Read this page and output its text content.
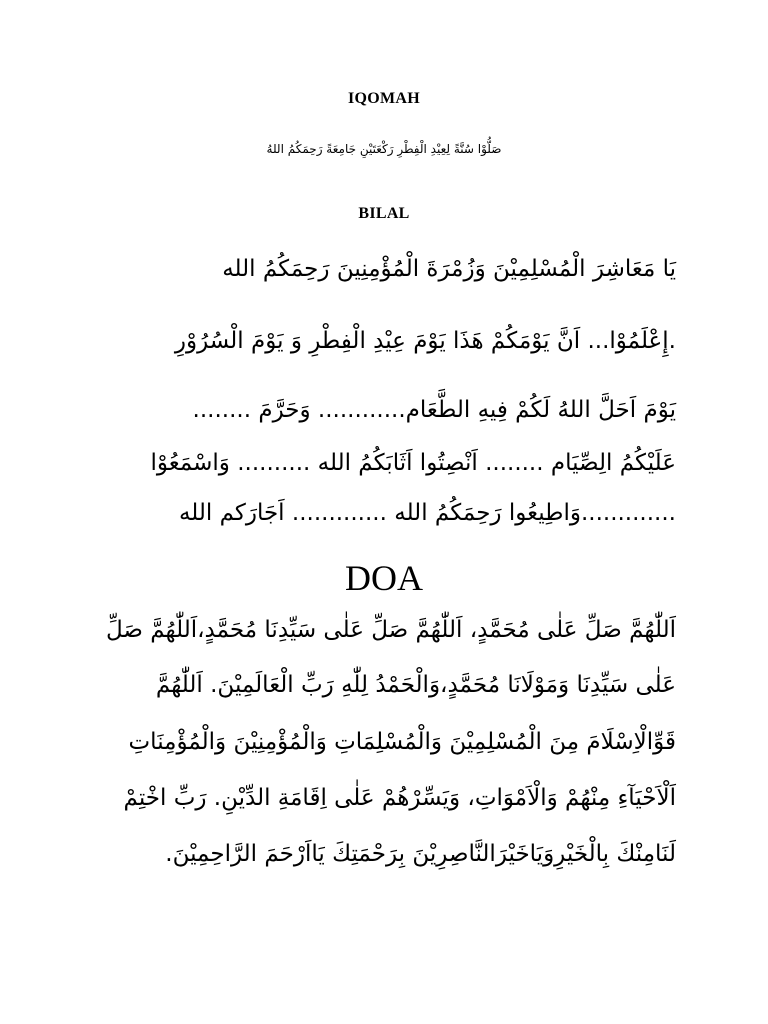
IQOMAH
صَلُّوْا سُنَّةً لِعِيْدِ الْفِطْرِ رَكْعَتَيْنِ جَامِعَةً رَحِمَكُمُ اللهُ
BILAL
يَا مَعَاشِرَ الْمُسْلِمِيْنَ وَزُمْرَةَ الْمُؤْمِنِينَ رَحِمَكُمُ الله
.إِعْلَمُوْا... اَنَّ يَوْمَكُمْ هَذَا يَوْمَ عِيْدِ الْفِطْرِ وَ يَوْمَ الْسُرُوْرِ
يَوْمَ اَحَلَّ اللهُ لَكُمْ فِيهِ الطَّعَام............ وَحَرَّمَ ........
عَلَيْكُمُ الِصِّيَام ........ اَنْصِتُوا اَثَابَكُمُ الله .......... وَاسْمَعُوْا
.............وَاطِيعُوا رَحِمَكُمُ الله ............. اَجَارَكم الله
DOA
اَللّٰهُمَّ صَلِّ عَلٰى مُحَمَّدٍ، اَللّٰهُمَّ صَلِّ عَلٰى سَيِّدِنَا مُحَمَّدٍ،اَللّٰهُمَّ صَلِّ
عَلٰى سَيِّدِنَا وَمَوْلَانَا مُحَمَّدٍ،وَالْحَمْدُ لِلّٰهِ رَبِّ الْعَالَمِيْنَ. اَللّٰهُمَّ
قَوِّالْاِسْلَامَ مِنَ الْمُسْلِمِيْنَ وَالْمُسْلِمَاتِ وَالْمُؤْمِنِيْنَ وَالْمُؤْمِنَاتِ
اَلْاَحْيَآءِ مِنْهُمْ وَالْاَمْوَاتِ، وَيَسِّرْهُمْ عَلٰى اِقَامَةِ الدِّيْنِ. رَبِّ اخْتِمْ
لَنَامِنْكَ بِالْخَيْرِوَيَاخَيْرَالنَّاصِرِيْنَ بِرَحْمَتِكَ يَااَرْحَمَ الرَّاحِمِيْنَ.
